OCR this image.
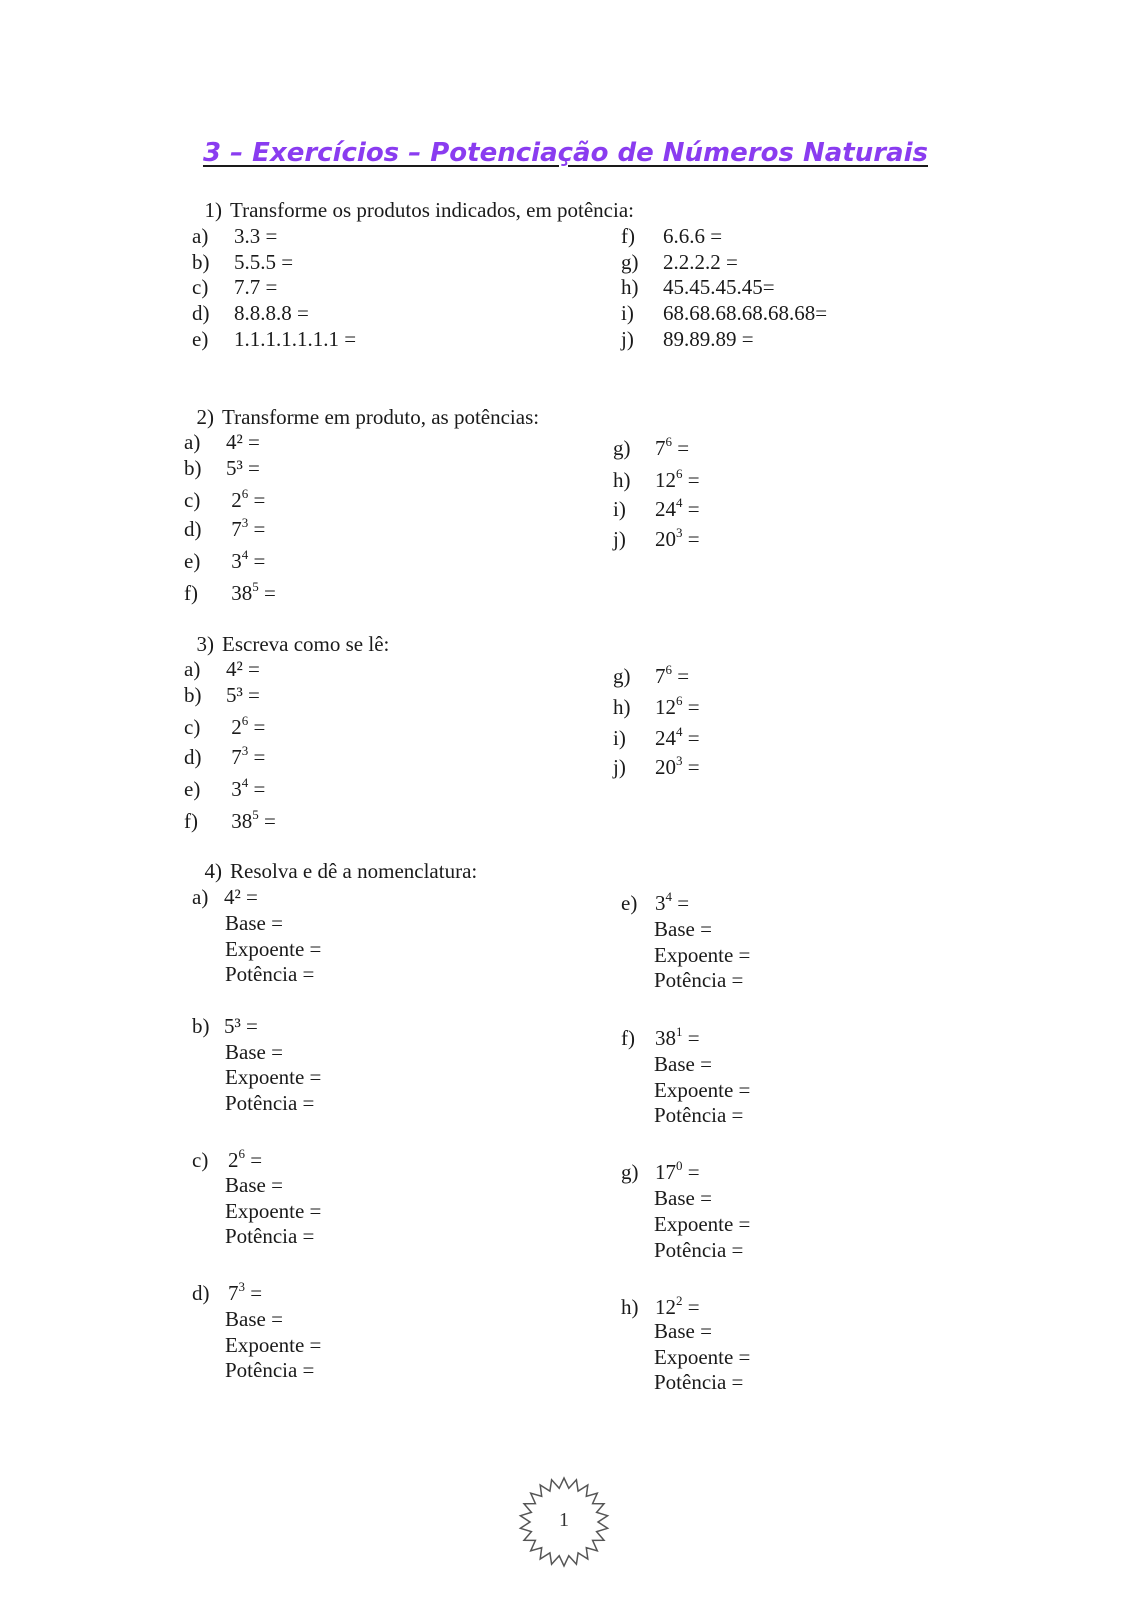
3 – Exercícios – Potenciação de Números Naturais
1) Transforme os produtos indicados, em potência:
a) 3.3 =
b) 5.5.5 =
c) 7.7 =
d) 8.8.8.8 =
e) 1.1.1.1.1.1.1 =
f) 6.6.6 =
g) 2.2.2.2 =
h) 45.45.45.45=
i) 68.68.68.68.68.68=
j) 89.89.89 =
2) Transforme em produto, as potências:
a) 4² =
b) 5³ =
c) $2^6$ =
d) $7^3$ =
e) $3^4$ =
f) $38^5$ =
g) $7^6$ =
h) $12^6$ =
i) $24^4$ =
j) $20^3$ =
3) Escreva como se lê:
a) 4² =
b) 5³ =
c) $2^6$ =
d) $7^3$ =
e) $3^4$ =
f) $38^5$ =
g) $7^6$ =
h) $12^6$ =
i) $24^4$ =
j) $20^3$ =
4) Resolva e dê a nomenclatura:
a) 4² =
Base =
Expoente =
Potência =
b) 5³ =
Base =
Expoente =
Potência =
c) $2^6$ =
Base =
Expoente =
Potência =
d) $7^3$ =
Base =
Expoente =
Potência =
e) $3^4$ =
Base =
Expoente =
Potência =
f) $38^1$ =
Base =
Expoente =
Potência =
g) $17^0$ =
Base =
Expoente =
Potência =
h) $12^2$ =
Base =
Expoente =
Potência =
1
